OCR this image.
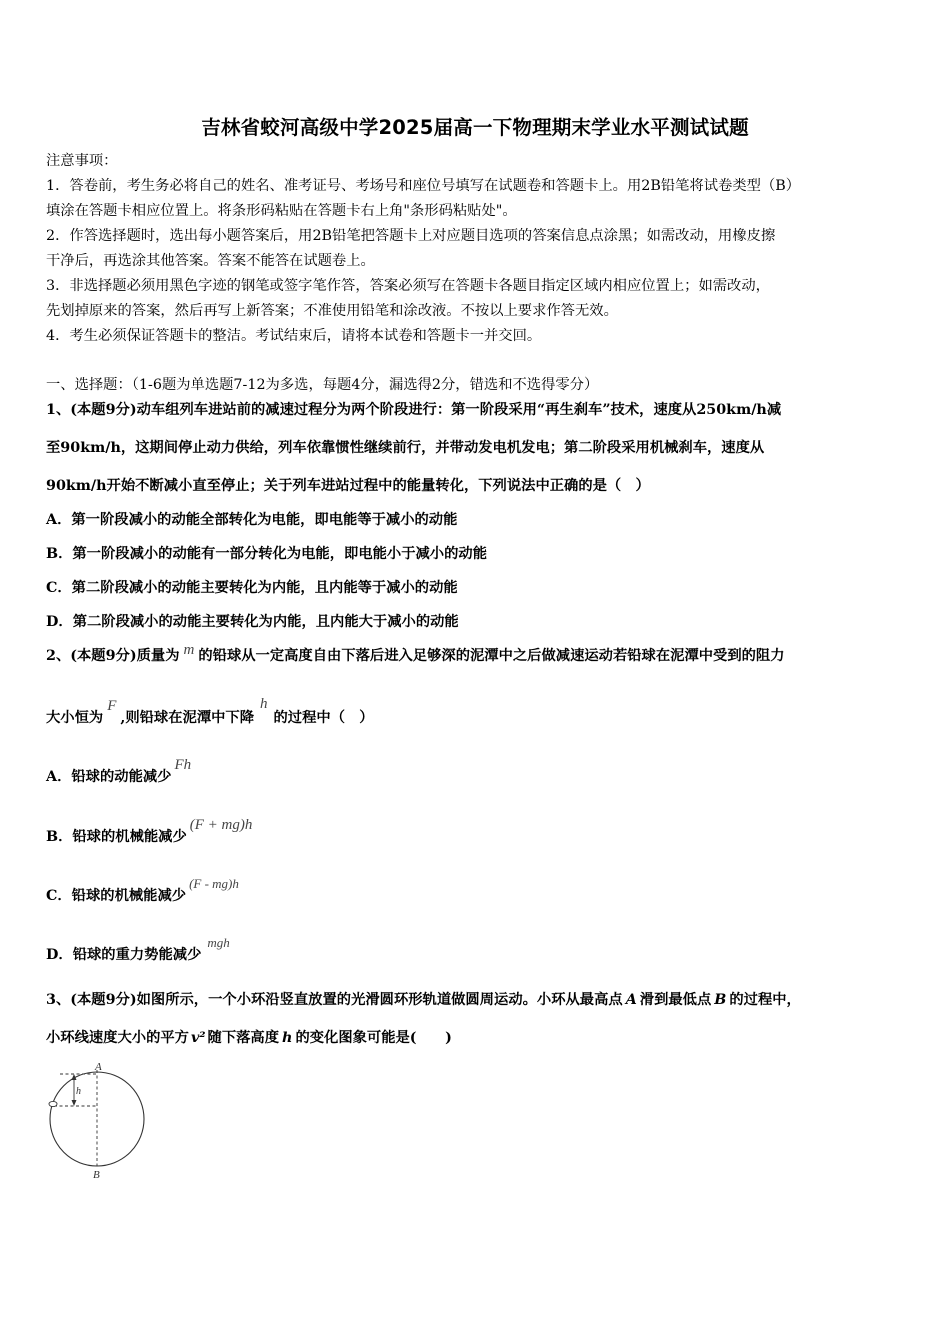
吉林省蛟河高级中学2025届高一下物理期末学业水平测试试题
注意事项：
1．答卷前，考生务必将自己的姓名、准考证号、考场号和座位号填写在试题卷和答题卡上。用2B铅笔将试卷类型（B）
填涂在答题卡相应位置上。将条形码粘贴在答题卡右上角"条形码粘贴处"。
2．作答选择题时，选出每小题答案后，用2B铅笔把答题卡上对应题目选项的答案信息点涂黑；如需改动，用橡皮擦
干净后，再选涂其他答案。答案不能答在试题卷上。
3．非选择题必须用黑色字迹的钢笔或签字笔作答，答案必须写在答题卡各题目指定区域内相应位置上；如需改动，
先划掉原来的答案，然后再写上新答案；不准使用铅笔和涂改液。不按以上要求作答无效。
4．考生必须保证答题卡的整洁。考试结束后，请将本试卷和答题卡一并交回。
一、选择题：（1-6题为单选题7-12为多选，每题4分，漏选得2分，错选和不选得零分）
1、(本题9分)动车组列车进站前的减速过程分为两个阶段进行：第一阶段采用“再生刹车”技术，速度从250km/h减
至90km/h，这期间停止动力供给，列车依靠惯性继续前行，并带动发电机发电；第二阶段采用机械刹车，速度从
90km/h开始不断减小直至停止；关于列车进站过程中的能量转化，下列说法中正确的是（　）
A．第一阶段减小的动能全部转化为电能，即电能等于减小的动能
B．第一阶段减小的动能有一部分转化为电能，即电能小于减小的动能
C．第二阶段减小的动能主要转化为内能，且内能等于减小的动能
D．第二阶段减小的动能主要转化为内能，且内能大于减小的动能
2、(本题9分)质量为 m 的铅球从一定高度自由下落后进入足够深的泥潭中之后做减速运动若铅球在泥潭中受到的阻力
大小恒为F,则铅球在泥潭中下降h的过程中（　）
A．铅球的动能减少Fh
B．铅球的机械能减少(F + mg)h
C．铅球的机械能减少(F - mg)h
D．铅球的重力势能减少mgh
3、(本题9分)如图所示，一个小环沿竖直放置的光滑圆环形轨道做圆周运动。小环从最高点 A 滑到最低点 B 的过程中，
小环线速度大小的平方 v² 随下落高度 h 的变化图象可能是(　　)
A
B
h
